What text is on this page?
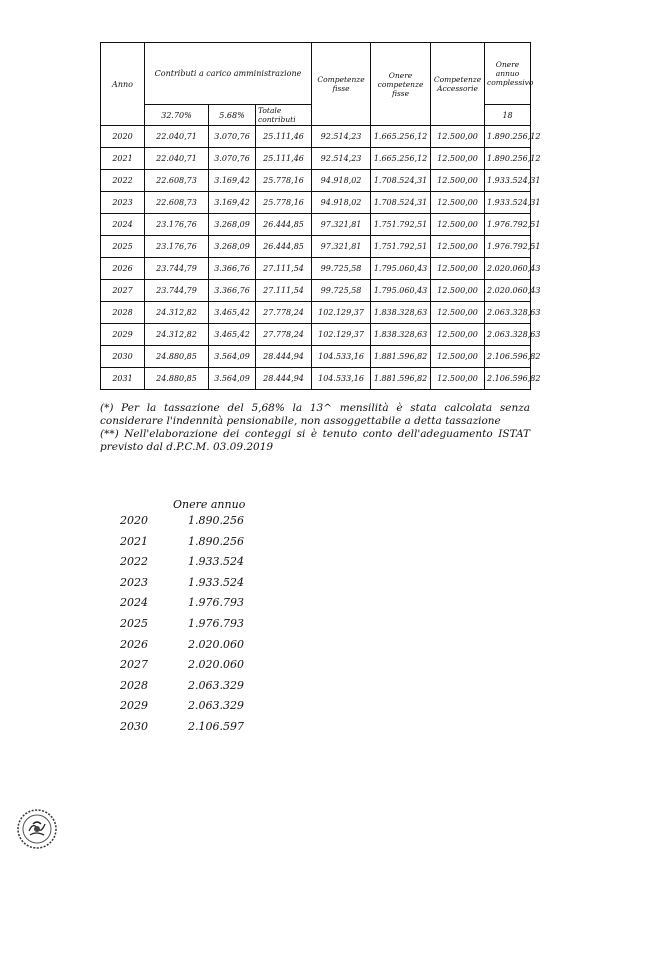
Anno	Contributi a carico amministrazione			Competenze fisse	Onere competenze fisse	Competenze Accessorie	Onere annuo complessivo
	32.70%	5.68%	Totale contributi				18
2020	22.040,71	3.070,76	25.111,46	92.514,23	1.665.256,12	12.500,00	1.890.256,12
2021	22.040,71	3.070,76	25.111,46	92.514,23	1.665.256,12	12.500,00	1.890.256,12
2022	22.608,73	3.169,42	25.778,16	94.918,02	1.708.524,31	12.500,00	1.933.524,31
2023	22.608,73	3.169,42	25.778,16	94.918,02	1.708.524,31	12.500,00	1.933.524,31
2024	23.176,76	3.268,09	26.444,85	97.321,81	1.751.792,51	12.500,00	1.976.792,51
2025	23.176,76	3.268,09	26.444,85	97.321,81	1.751.792,51	12.500,00	1.976.792,51
2026	23.744,79	3.366,76	27.111,54	99.725,58	1.795.060,43	12.500,00	2.020.060,43
2027	23.744,79	3.366,76	27.111,54	99.725,58	1.795.060,43	12.500,00	2.020.060,43
2028	24.312,82	3.465,42	27.778,24	102.129,37	1.838.328,63	12.500,00	2.063.328,63
2029	24.312,82	3.465,42	27.778,24	102.129,37	1.838.328,63	12.500,00	2.063.328,63
2030	24.880,85	3.564,09	28.444,94	104.533,16	1.881.596,82	12.500,00	2.106.596,82
2031	24.880,85	3.564,09	28.444,94	104.533,16	1.881.596,82	12.500,00	2.106.596,82

(*) Per la tassazione del 5,68% la 13^ mensilità è stata calcolata senza considerare l'indennità pensionabile, non assoggettabile a detta tassazione

(**) Nell'elaborazione dei conteggi si è tenuto conto dell'adeguamento ISTAT previsto dal d.P.C.M. 03.09.2019

Onere annuo
2020	1.890.256
2021	1.890.256
2022	1.933.524
2023	1.933.524
2024	1.976.793
2025	1.976.793
2026	2.020.060
2027	2.020.060
2028	2.063.329
2029	2.063.329
2030	2.106.597
